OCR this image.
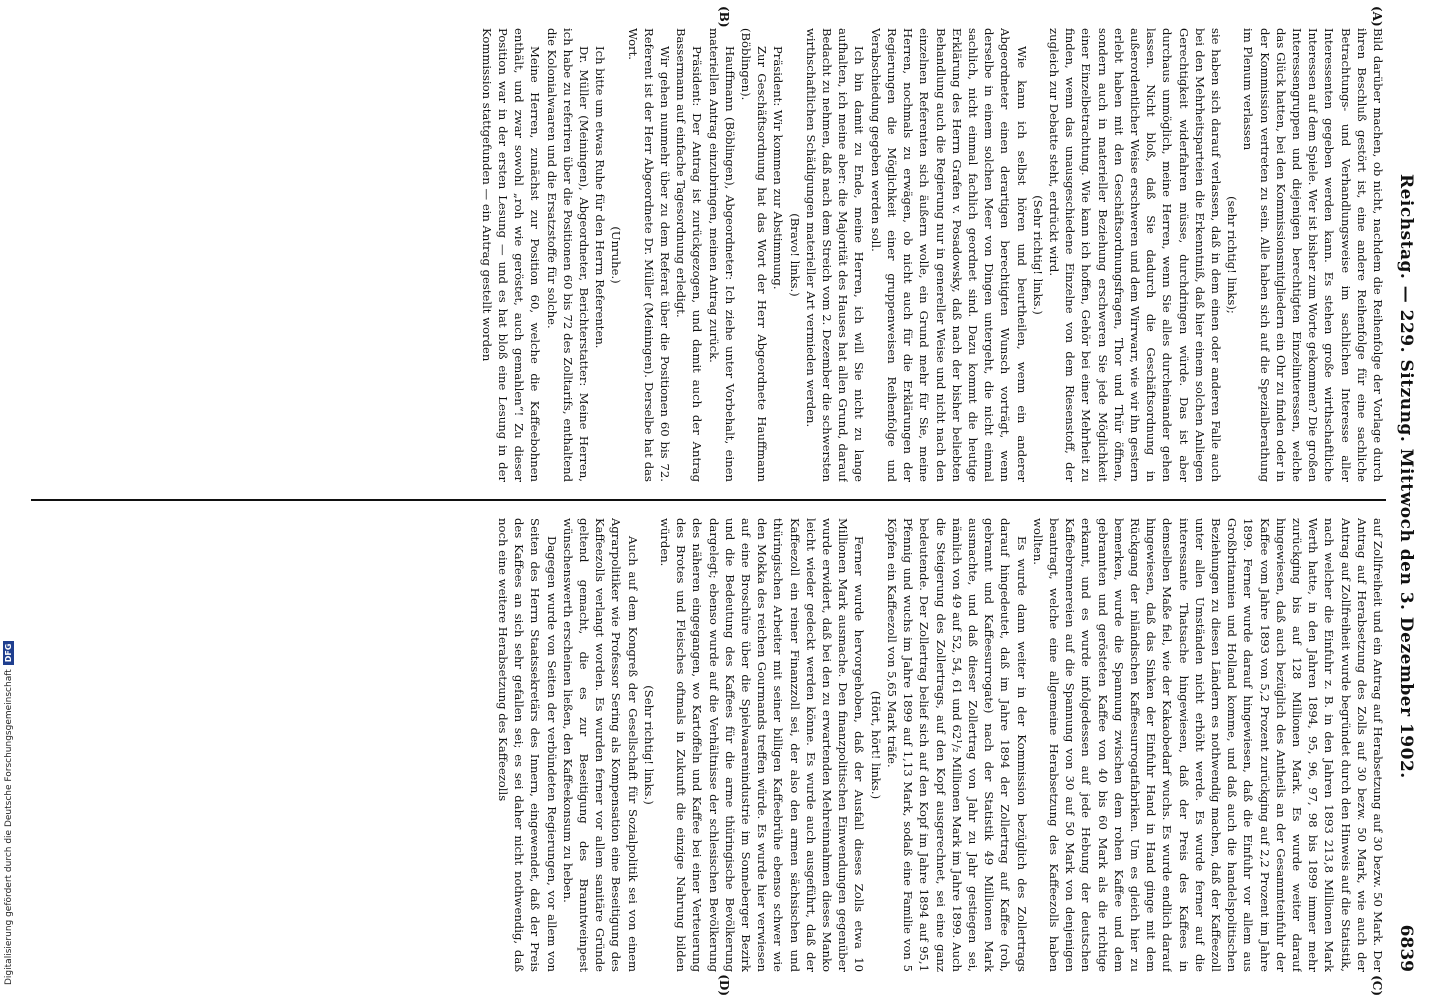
Reichstag. — 229. Sitzung. Mittwoch den 3. Dezember 1902.
6839
(A)
(B)
(C)
(D)

Bild darüber machen, ob nicht, nachdem die Reihenfolge der Vorlage durch ihren Beschluß gestört ist, eine andere Reihenfolge für eine sachliche Betrachtungs- und Verhandlungsweise im sachlichen Interesse aller Interessenten gegeben werden kann. Es stehen große wirthschaftliche Interessen auf dem Spiele. Wer ist bisher zum Worte gekommen? Die großen Interessengruppen und diejenigen berechtigten Einzelinteressen, welche das Glück hatten, bei den Kommissionsmitgliedern ein Ohr zu finden oder in der Kommission vertreten zu sein. Alle haben sich auf die Spezialberathung im Plenum verlassen

(sehr richtig! links);

sie haben sich darauf verlassen, daß in dem einen oder anderen Falle auch bei den Mehrheitsparteien die Erkenntniß, daß hier einem solchen Anliegen Gerechtigkeit widerfahren müsse, durchdringen würde. Das ist aber durchaus unmöglich, meine Herren, wenn Sie alles durcheinander gehen lassen. Nicht bloß, daß Sie dadurch die Geschäftsordnung in außerordentlicher Weise erschweren und dem Wirrwarr, wie wir ihn gestern erlebt haben mit den Geschäftsordnungsfragen, Thor und Thür öffnen, sondern auch in materieller Beziehung erschweren Sie jede Möglichkeit einer Einzelbetrachtung. Wie kann ich hoffen, Gehör bei einer Mehrheit zu finden, wenn das unausgeschiedene Einzelne von dem Riesenstoff, der zugleich zur Debatte steht, erdrückt wird.

(Sehr richtig! links.)

Wie kann ich selbst hören und beurtheilen, wenn ein anderer Abgeordneter einen derartigen berechtigten Wunsch vorträgt, wenn derselbe in einem solchen Meer von Dingen untergeht, die nicht einmal sachlich, nicht einmal fachlich geordnet sind. Dazu kommt die heutige Erklärung des Herrn Grafen v. Posadowsky, daß nach der bisher beliebten Behandlung auch die Regierung nur in genereller Weise und nicht nach den einzelnen Referenten sich äußern wolle, ein Grund mehr für Sie, meine Herren, nochmals zu erwägen, ob nicht auch für die Erklärungen der Regierungen die Möglichkeit einer gruppenweisen Reihenfolge und Verabschiedung gegeben werden soll.

Ich bin damit zu Ende, meine Herren, ich will Sie nicht zu lange aufhalten, ich meine aber: die Majorität des Hauses hat allen Grund, darauf Bedacht zu nehmen, daß nach dem Streich vom 2. Dezember die schwersten wirthschaftlichen Schädigungen materieller Art vermieden werden.

(Bravo! links.)

Präsident: Wir kommen zur Abstimmung.

Zur Geschäftsordnung hat das Wort der Herr Abgeordnete Hauffmann (Böblingen).

Hauffmann (Böblingen), Abgeordneter: Ich ziehe unter Vorbehalt, einen materiellen Antrag einzubringen, meinen Antrag zurück.

Präsident: Der Antrag ist zurückgezogen, und damit auch der Antrag Bassermann auf einfache Tagesordnung erledigt.

Wir gehen nunmehr über zu dem Referat über die Positionen 60 bis 72. Referent ist der Herr Abgeordnete Dr. Müller (Meiningen). Derselbe hat das Wort.

(Unruhe.)

Ich bitte um etwas Ruhe für den Herrn Referenten.

Dr. Müller (Meiningen), Abgeordneter, Berichterstatter: Meine Herren, ich habe zu referiren über die Positionen 60 bis 72 des Zolltarifs, enthaltend die Kolonialwaaren und die Ersatzstoffe für solche.

Meine Herren, zunächst zur Position 60, welche die Kaffeebohnen enthält, und zwar sowohl „roh wie geröstet, auch gemahlen“! Zu dieser Position war in der ersten Lesung — und es hat bloß eine Lesung in der Kommission stattgefunden — ein Antrag gestellt worden

auf Zollfreiheit und ein Antrag auf Herabsetzung auf 30 bezw. 50 Mark. Der Antrag auf Herabsetzung des Zolls auf 30 bezw. 50 Mark, wie auch der Antrag auf Zollfreiheit wurde begründet durch den Hinweis auf die Statistik, nach welcher die Einfuhr z. B. in den Jahren 1893 213,8 Millionen Mark Werth hatte, in den Jahren 1894, 95, 96, 97, 98 bis 1899 immer mehr zurückging bis auf 128 Millionen Mark. Es wurde weiter darauf hingewiesen, daß auch bezüglich des Antheils an der Gesammteinfuhr der Kaffee vom Jahre 1893 von 5,2 Prozent zurückging auf 2,2 Prozent im Jahre 1899. Ferner wurde darauf hingewiesen, daß die Einfuhr vor allem aus Großbritannien und Holland komme, und daß auch die handelspolitischen Beziehungen zu diesen Ländern es nothwendig machen, daß der Kaffeezoll unter allen Umständen nicht erhöht werde. Es wurde ferner auf die interessante Thatsache hingewiesen, daß der Preis des Kaffees in demselben Maße fiel, wie der Kakaobedarf wuchs. Es wurde endlich darauf hingewiesen, daß das Sinken der Einfuhr Hand in Hand ginge mit dem Rückgang der inländischen Kaffeesurrogatfabriken. Um es gleich hier zu bemerken, wurde die Spannung zwischen dem rohen Kaffee und dem gebrannten und gerösteten Kaffee von 40 bis 60 Mark als die richtige erkannt, und es wurde infolgedessen auf jede Hebung der deutschen Kaffeebrennereien auf die Spannung von 30 auf 50 Mark von denjenigen beantragt, welche eine allgemeine Herabsetzung des Kaffeezolls haben wollten.

Es wurde dann weiter in der Kommission bezüglich des Zollertrags darauf hingedeutet, daß im Jahre 1894 der Zollertrag auf Kaffee (roh, gebrannt und Kaffeesurrogate) nach der Statistik 49 Millionen Mark ausmachte, und daß dieser Zollertrag von Jahr zu Jahr gestiegen sei, nämlich von 49 auf 52, 54, 61 und 62¹/₂ Millionen Mark im Jahre 1899. Auch die Steigerung des Zollertrags, auf den Kopf ausgerechnet, sei eine ganz bedeutende. Der Zollertrag belief sich auf den Kopf im Jahre 1894 auf 95,1 Pfennig und wuchs im Jahre 1899 auf 1,13 Mark, sodaß eine Familie von 5 Köpfen ein Kaffeezoll von 5,65 Mark träfe.

(Hört, hört! links.)

Ferner wurde hervorgehoben, daß der Ausfall dieses Zolls etwa 10 Millionen Mark ausmache. Den finanzpolitischen Einwendungen gegenüber wurde erwidert, daß bei den zu erwartenden Mehreinnahmen dieses Manko leicht wieder gedeckt werden könne. Es wurde auch ausgeführt, daß der Kaffeezoll ein reiner Finanzzoll sei, der also den armen sächsischen und thüringischen Arbeiter mit seiner billigen Kaffeebrühe ebenso schwer wie den Mokka des reichen Gourmands treffen würde. Es wurde hier verwiesen auf eine Broschüre über die Spielwaarenindustrie im Sonneberger Bezirk und die Bedeutung des Kaffees für die arme thüringische Bevölkerung dargelegt; ebenso wurde auf die Verhältnisse der schlesischen Bevölkerung des näheren eingegangen, wo Kartoffeln und Kaffee bei einer Verteuerung des Brotes und Fleisches oftmals in Zukunft die einzige Nahrung bilden würden.

(Sehr richtig! links.)

Auch auf dem Kongreß der Gesellschaft für Sozialpolitik sei von einem Agrarpolitiker wie Professor Sering als Kompensation eine Beseitigung des Kaffeezolls verlangt worden. Es wurden ferner vor allem sanitäre Gründe geltend gemacht, die es zur Beseitigung des Branntweinpest wünschenswerth erscheinen ließen, den Kaffeekonsum zu heben.

Dagegen wurde von Seiten der verbündeten Regierungen, vor allem von Seiten des Herrn Staatssekretärs des Innern, eingewendet, daß der Preis des Kaffees an sich sehr gefallen sei; es sei daher nicht nothwendig, daß noch eine weitere Herabsetzung des Kaffeezolls

Digitalisierung gefördert durch die Deutsche Forschungsgemeinschaft
DFG
